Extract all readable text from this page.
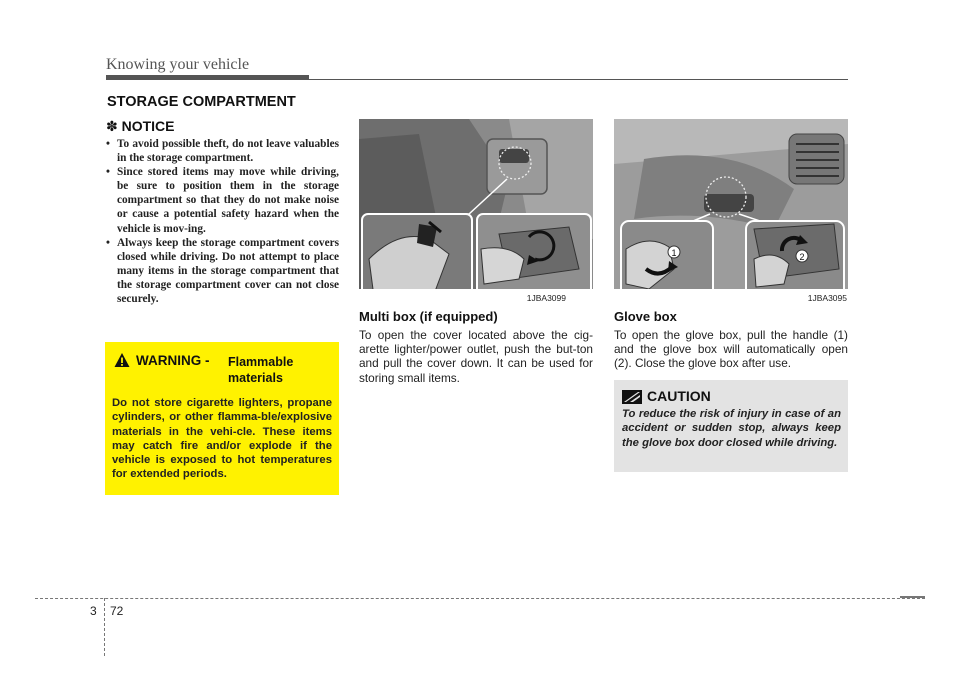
Knowing your vehicle
STORAGE COMPARTMENT
✽ NOTICE
• To avoid possible theft, do not leave valuables in the storage compartment.
• Since stored items may move while driving, be sure to position them in the storage compartment so that they do not make noise or cause a potential safety hazard when the vehicle is mov-ing.
• Always keep the storage compartment covers closed while driving. Do not attempt to place many items in the storage compartment that the storage compartment cover can not close securely.
WARNING - Flammable materials
Do not store cigarette lighters, propane cylinders, or other flamma-ble/explosive materials in the vehi-cle. These items may catch fire and/or explode if the vehicle is exposed to hot temperatures for extended periods.
1JBA3099
Multi box (if equipped)
To open the cover located above the cig-arette lighter/power outlet, push the but-ton and pull the cover down. It can be used for storing small items.
1	2
1JBA3095
Glove box
To open the glove box, pull the handle (1) and the glove box will automatically open (2). Close the glove box after use.
CAUTION
To reduce the risk of injury in case of an accident or sudden stop, always keep the glove box door closed while driving.
3 72
